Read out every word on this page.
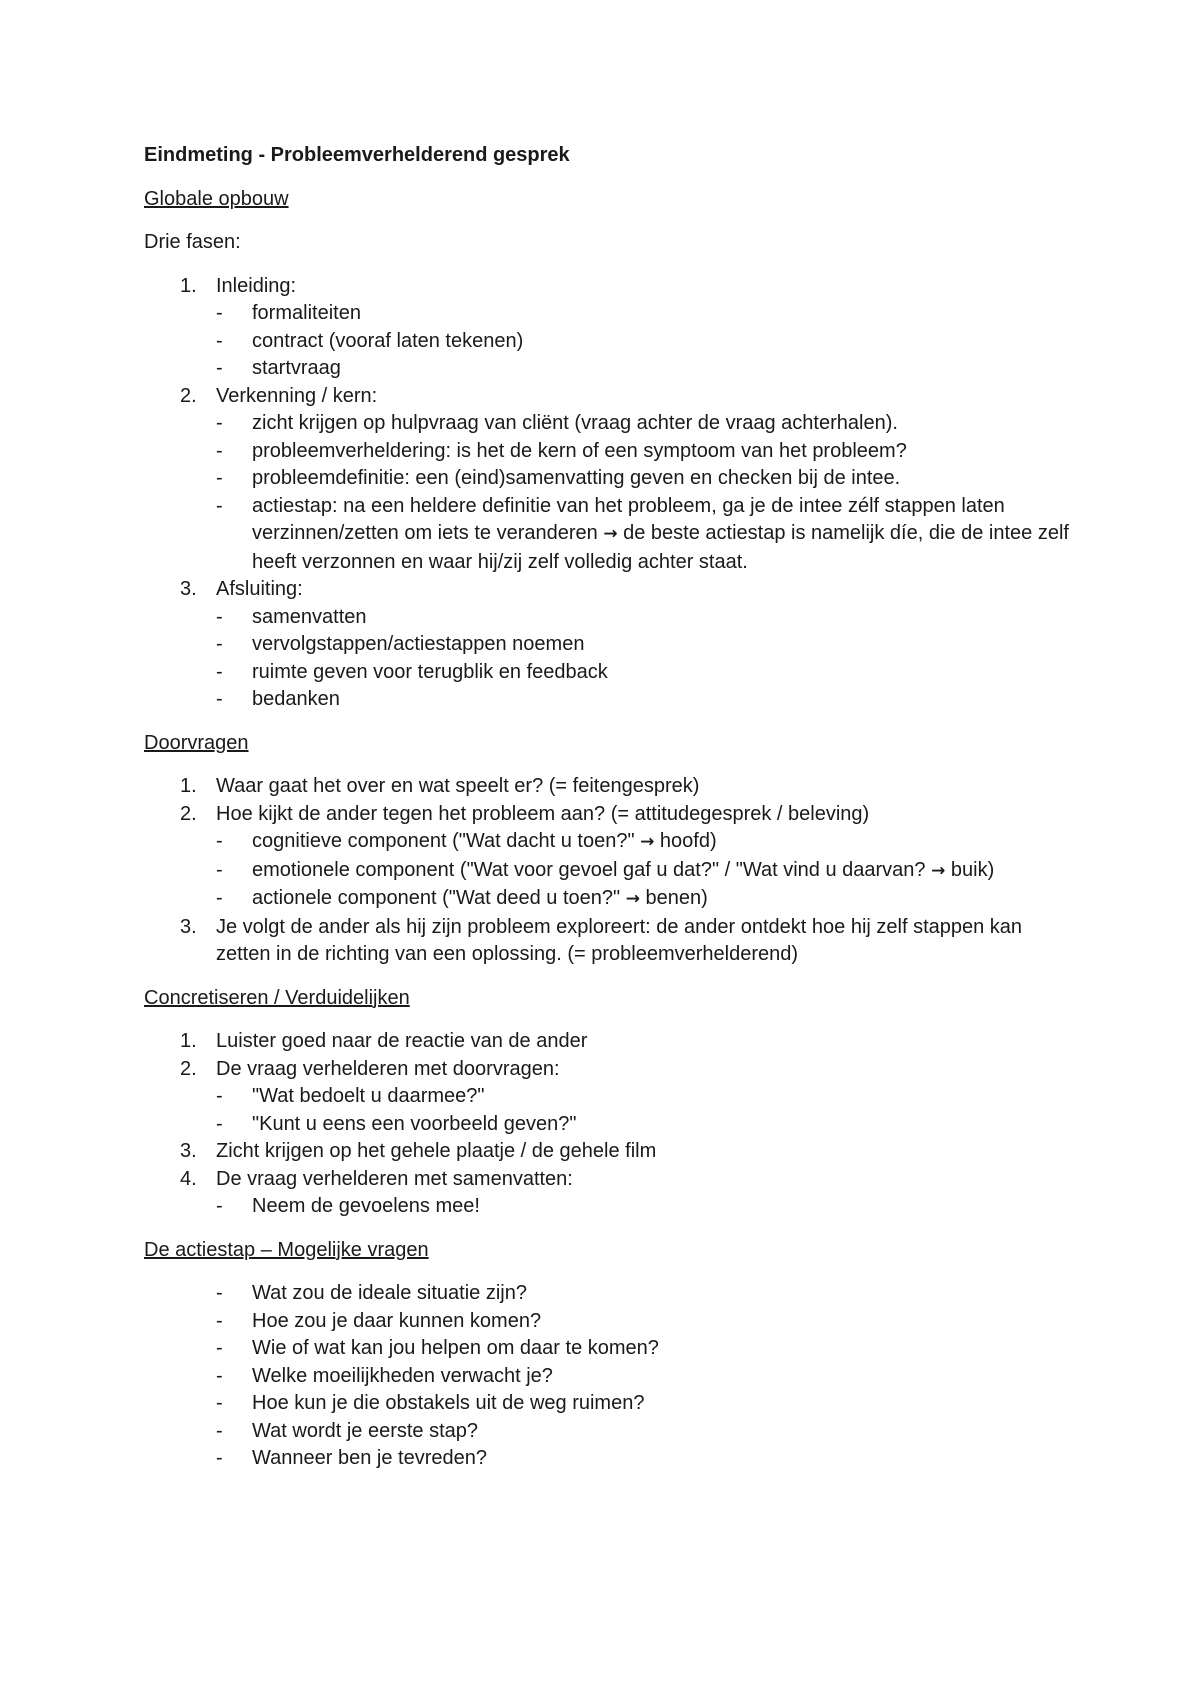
Eindmeting - Probleemverhelderend gesprek
Globale opbouw
Drie fasen:
1. Inleiding:
- formaliteiten
- contract (vooraf laten tekenen)
- startvraag
2. Verkenning / kern:
- zicht krijgen op hulpvraag van cliënt (vraag achter de vraag achterhalen).
- probleemverheldering: is het de kern of een symptoom van het probleem?
- probleemdefinitie: een (eind)samenvatting geven en checken bij de intee.
- actiestap: na een heldere definitie van het probleem, ga je de intee zélf stappen laten verzinnen/zetten om iets te veranderen → de beste actiestap is namelijk díe, die de intee zelf heeft verzonnen en waar hij/zij zelf volledig achter staat.
3. Afsluiting:
- samenvatten
- vervolgstappen/actiestappen noemen
- ruimte geven voor terugblik en feedback
- bedanken
Doorvragen
1. Waar gaat het over en wat speelt er? (= feitengesprek)
2. Hoe kijkt de ander tegen het probleem aan? (= attitudegesprek / beleving)
- cognitieve component ("Wat dacht u toen?" → hoofd)
- emotionele component ("Wat voor gevoel gaf u dat?" / "Wat vind u daarvan? → buik)
- actionele component ("Wat deed u toen?" → benen)
3. Je volgt de ander als hij zijn probleem exploreert: de ander ontdekt hoe hij zelf stappen kan zetten in de richting van een oplossing. (= probleemverhelderend)
Concretiseren / Verduidelijken
1. Luister goed naar de reactie van de ander
2. De vraag verhelderen met doorvragen:
- "Wat bedoelt u daarmee?"
- "Kunt u eens een voorbeeld geven?"
3. Zicht krijgen op het gehele plaatje / de gehele film
4. De vraag verhelderen met samenvatten:
- Neem de gevoelens mee!
De actiestap – Mogelijke vragen
- Wat zou de ideale situatie zijn?
- Hoe zou je daar kunnen komen?
- Wie of wat kan jou helpen om daar te komen?
- Welke moeilijkheden verwacht je?
- Hoe kun je die obstakels uit de weg ruimen?
- Wat wordt je eerste stap?
- Wanneer ben je tevreden?
